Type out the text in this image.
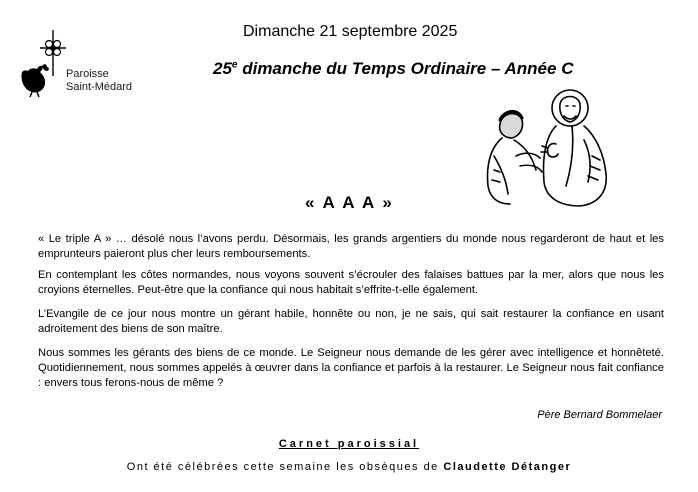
Dimanche 21 septembre 2025
Paroisse
Saint-Médard
25e dimanche du Temps Ordinaire – Année C
« A A A »

« Le triple A » … désolé nous l’avons perdu. Désormais, les grands argentiers du monde nous regarderont de haut et les emprunteurs paieront plus cher leurs remboursements.

En contemplant les côtes normandes, nous voyons souvent s’écrouler des falaises battues par la mer, alors que nous les croyions éternelles. Peut-être que la confiance qui nous habitait s’effrite-t-elle également.

L’Evangile de ce jour nous montre un gérant habile, honnête ou non, je ne sais, qui sait restaurer la confiance en usant adroitement des biens de son maître.

Nous sommes les gérants des biens de ce monde. Le Seigneur nous demande de les gérer avec intelligence et honnêteté. Quotidiennement, nous sommes appelés à œuvrer dans la confiance et parfois à la restaurer. Le Seigneur nous fait confiance : envers tous ferons-nous de même ?

Père Bernard Bommelaer
Carnet paroissial
Ont été célébrées cette semaine les obsèques de Claudette Détanger
